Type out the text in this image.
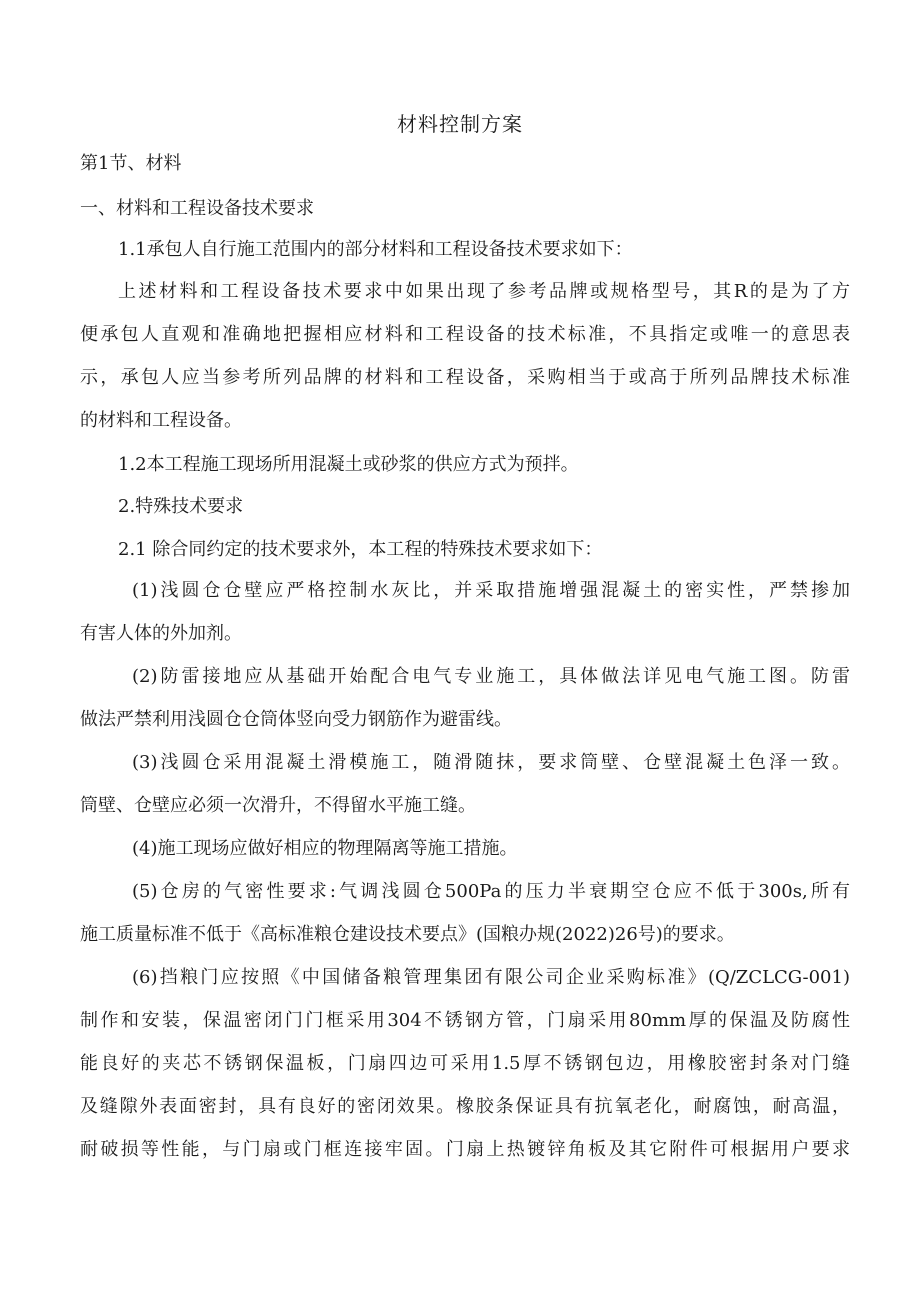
材料控制方案
第1节、材料
一、材料和工程设备技术要求
1.1承包人自行施工范围内的部分材料和工程设备技术要求如下：
上述材料和工程设备技术要求中如果出现了参考品牌或规格型号，其R的是为了方
便承包人直观和准确地把握相应材料和工程设备的技术标准，不具指定或唯一的意思表
示，承包人应当参考所列品牌的材料和工程设备，采购相当于或高于所列品牌技术标准
的材料和工程设备。
1.2本工程施工现场所用混凝土或砂浆的供应方式为预拌。
2.特殊技术要求
2.1 除合同约定的技术要求外，本工程的特殊技术要求如下：
(1)浅圆仓仓壁应严格控制水灰比，并采取措施增强混凝土的密实性，严禁掺加
有害人体的外加剂。
(2)防雷接地应从基础开始配合电气专业施工，具体做法详见电气施工图。防雷
做法严禁利用浅圆仓仓筒体竖向受力钢筋作为避雷线。
(3)浅圆仓采用混凝土滑模施工，随滑随抹，要求筒壁、仓壁混凝土色泽一致。
筒壁、仓壁应必须一次滑升，不得留水平施工缝。
(4)施工现场应做好相应的物理隔离等施工措施。
(5)仓房的气密性要求:气调浅圆仓500Pa的压力半衰期空仓应不低于300s,所有
施工质量标准不低于《高标准粮仓建设技术要点》(国粮办规(2022)26号)的要求。
(6)挡粮门应按照《中国储备粮管理集团有限公司企业采购标准》(Q/ZCLCG-001)
制作和安装，保温密闭门门框采用304不锈钢方管，门扇采用80mm厚的保温及防腐性
能良好的夹芯不锈钢保温板，门扇四边可采用1.5厚不锈钢包边，用橡胶密封条对门缝
及缝隙外表面密封，具有良好的密闭效果。橡胶条保证具有抗氧老化，耐腐蚀，耐高温，
耐破损等性能，与门扇或门框连接牢固。门扇上热镀锌角板及其它附件可根据用户要求
